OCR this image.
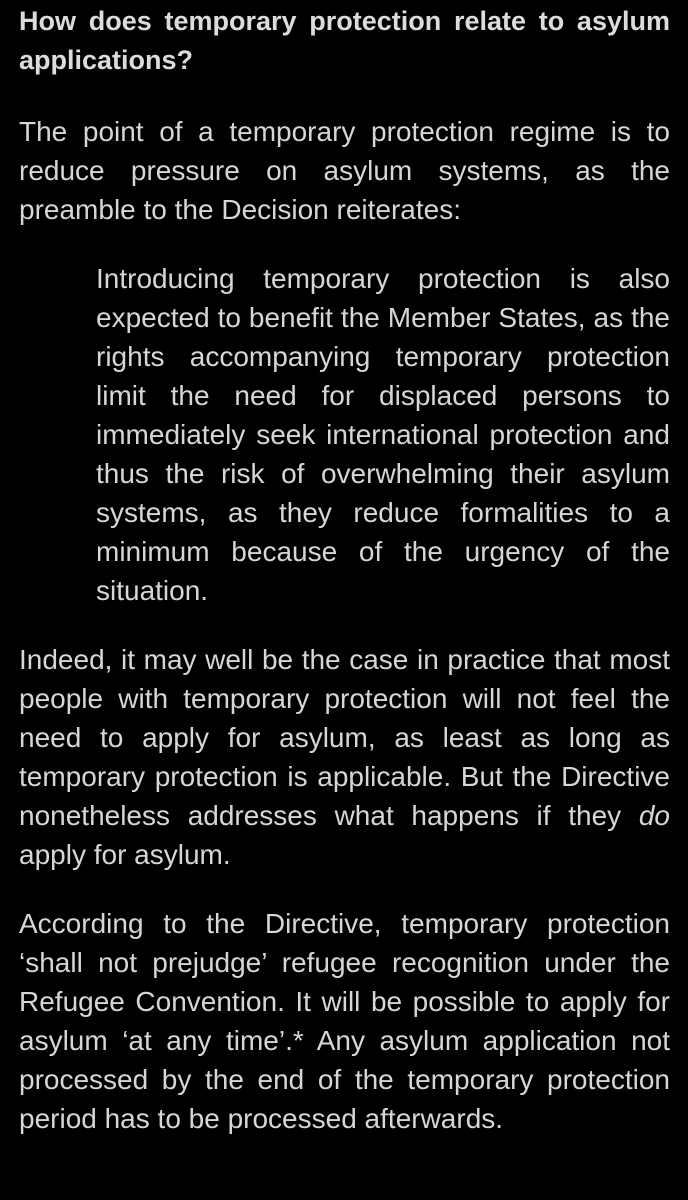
How does temporary protection relate to asylum applications?

The point of a temporary protection regime is to reduce pressure on asylum systems, as the preamble to the Decision reiterates:

Introducing temporary protection is also expected to benefit the Member States, as the rights accompanying temporary protection limit the need for displaced persons to immediately seek international protection and thus the risk of overwhelming their asylum systems, as they reduce formalities to a minimum because of the urgency of the situation.

Indeed, it may well be the case in practice that most people with temporary protection will not feel the need to apply for asylum, as least as long as temporary protection is applicable. But the Directive nonetheless addresses what happens if they do apply for asylum.

According to the Directive, temporary protection ‘shall not prejudge’ refugee recognition under the Refugee Convention. It will be possible to apply for asylum ‘at any time’.* Any asylum application not processed by the end of the temporary protection period has to be processed afterwards.
